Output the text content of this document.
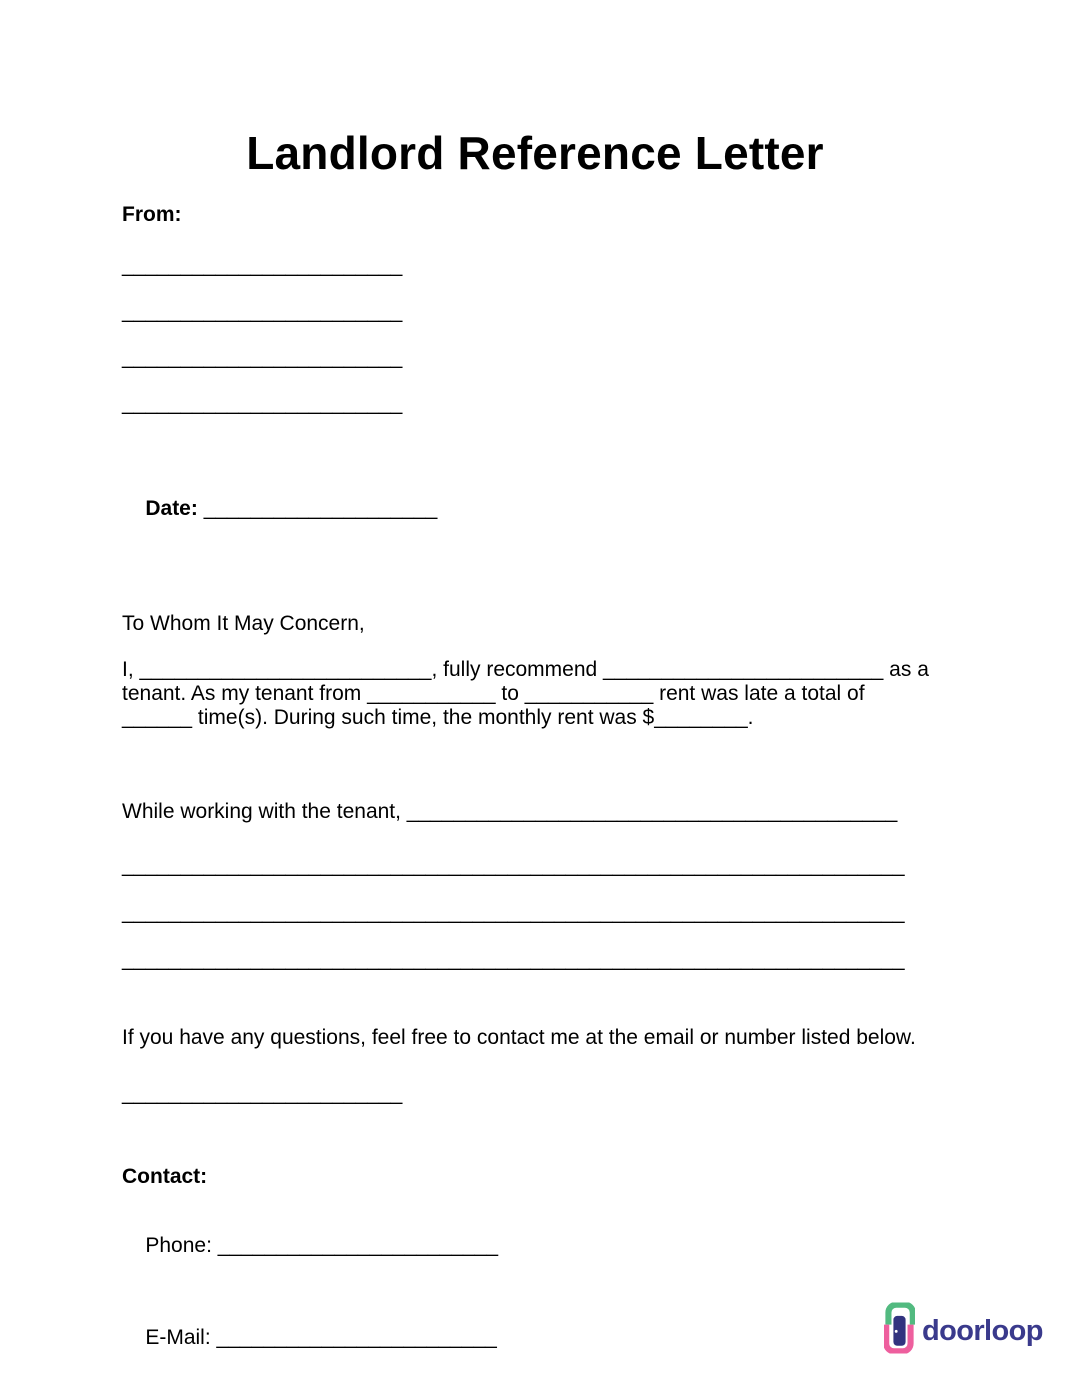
Landlord Reference Letter
From:
________________________
________________________
________________________
________________________

Date: ____________________

To Whom It May Concern,
I, _________________________, fully recommend ________________________ as a
tenant. As my tenant from ___________ to ___________ rent was late a total of
______ time(s). During such time, the monthly rent was $________.
While working with the tenant, __________________________________________
___________________________________________________________________
___________________________________________________________________
___________________________________________________________________
If you have any questions, feel free to contact me at the email or number listed below.
________________________
Contact:

Phone: ________________________

E-Mail: ________________________
	doorloop
